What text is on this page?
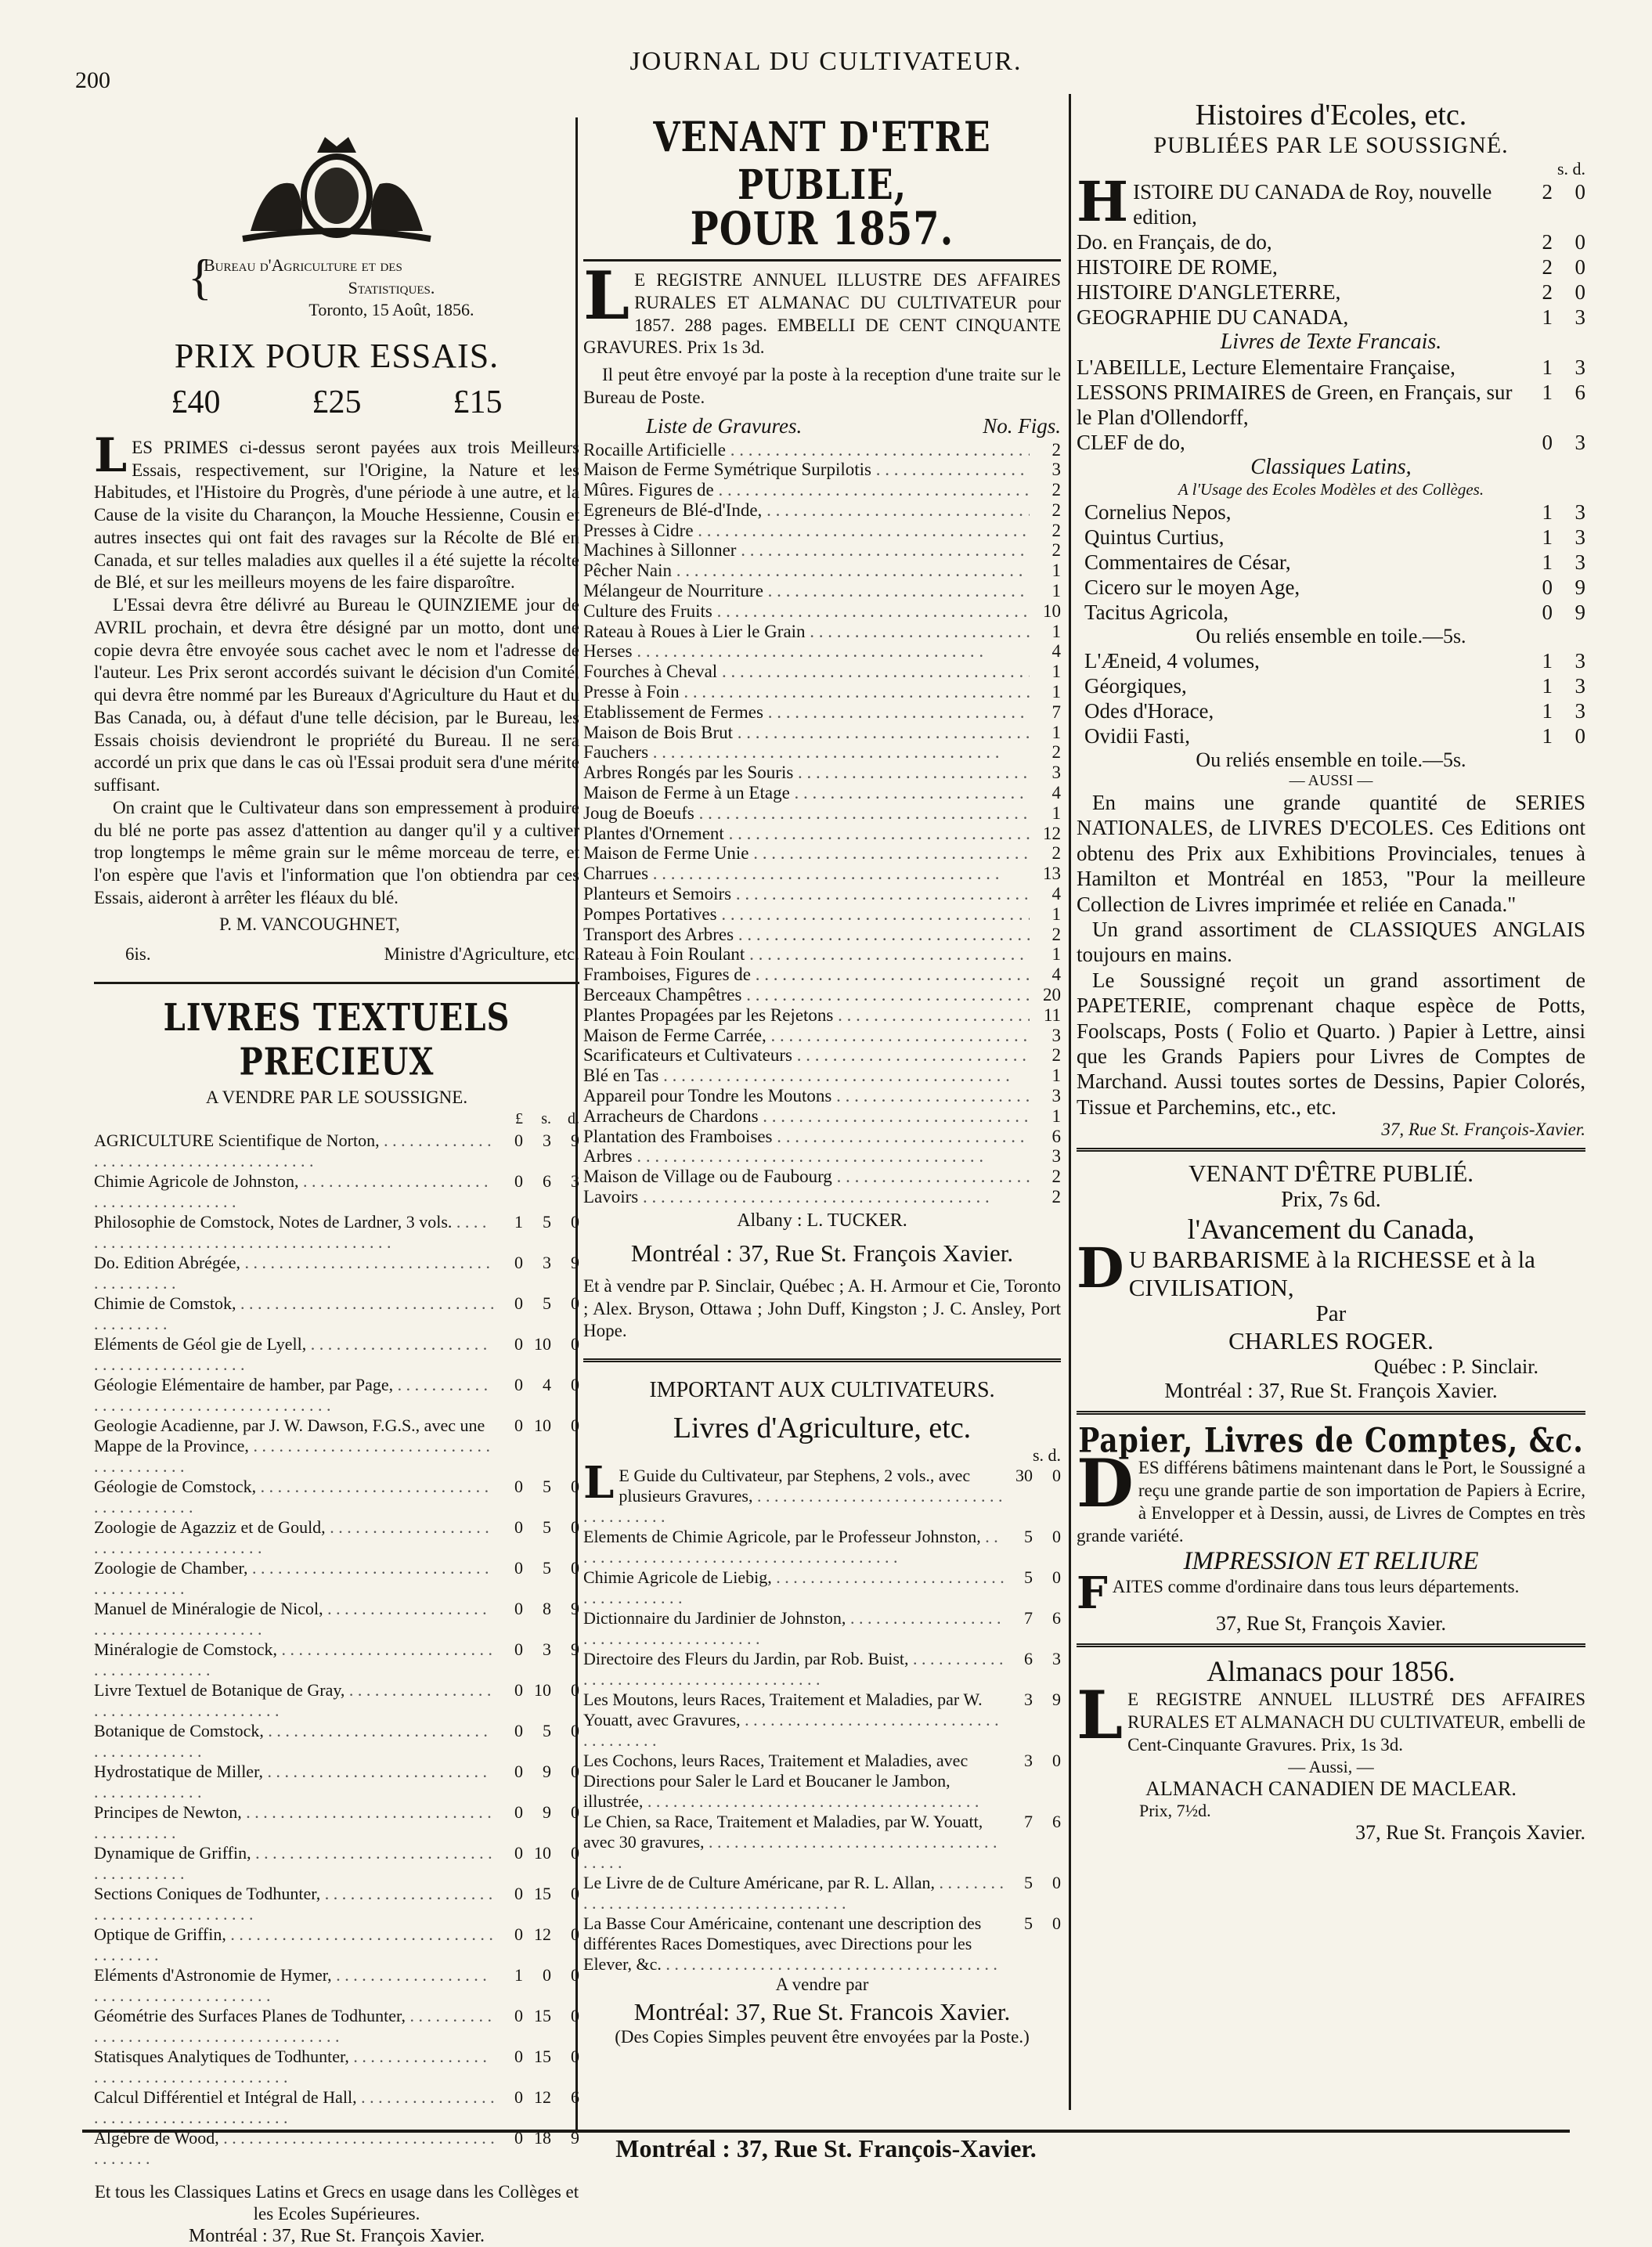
200
JOURNAL DU CULTIVATEUR.
{
Bureau d'Agriculture et des
Statistiques.
Toronto, 15 Août, 1856.
PRIX POUR ESSAIS.
£40	£25	£15
LES PRIMES ci-dessus seront payées aux trois Meilleurs Essais, respectivement, sur l'Origine, la Nature et les Habitudes, et l'Histoire du Progrès, d'une période à une autre, et la Cause de la visite du Charançon, la Mouche Hessienne, Cousin et autres insectes qui ont fait des ravages sur la Récolte de Blé en Canada, et sur telles maladies aux quelles il a été sujette la récolte de Blé, et sur les meilleurs moyens de les faire disparoître.
L'Essai devra être délivré au Bureau le QUINZIEME jour de AVRIL prochain, et devra être désigné par un motto, dont une copie devra être envoyée sous cachet avec le nom et l'adresse de l'auteur. Les Prix seront accordés suivant le décision d'un Comité, qui devra être nommé par les Bureaux d'Agriculture du Haut et du Bas Canada, ou, à défaut d'une telle décision, par le Bureau, les Essais choisis deviendront le propriété du Bureau. Il ne sera accordé un prix que dans le cas où l'Essai produit sera d'une mérite suffisant.
On craint que le Cultivateur dans son empressement à produire du blé ne porte pas assez d'attention au danger qu'il y a cultiver trop longtemps le même grain sur le même morceau de terre, et l'on espère que l'avis et l'information que l'on obtiendra par ces Essais, aideront à arrêter les fléaux du blé.
P. M. VANCOUGHNET,
6is.	Ministre d'Agriculture, etc.
LIVRES TEXTUELS PRECIEUX
A VENDRE PAR LE SOUSSIGNE.
£	s.	d.
AGRICULTURE Scientifique de Norton, . . .	0	3	9
Chimie Agricole de Johnston, . . .	0	6	3
Philosophie de Comstock, Notes de Lardner, 3 vols. . . .	1	5	0
Do. Edition Abrégée, . . .	0	3	9
Chimie de Comstok, . . .	0	5	0
Eléments de Géol gie de Lyell, . . .	0 10	0
Géologie Elémentaire de hamber, par Page, . . .	0	4	0
Geologie Acadienne, par J. W. Dawson, F.G.S., avec une Mappe de la Province, . . .
0 10	0
Géologie de Comstock, . . .	0	5	0
Zoologie de Agazziz et de Gould, . . .	0	5	0
Zoologie de Chamber, . . .	0	5	0
Manuel de Minéralogie de Nicol, . . .	0	8	9
Minéralogie de Comstock, . . .	0	3	9
Livre Textuel de Botanique de Gray, . . .	0 10	0
Botanique de Comstock, . . .	0	5	0
Hydrostatique de Miller, . . .	0	9	0
Principes de Newton, . . .	0	9	0
Dynamique de Griffin, . . .	0 10	0
Sections Coniques de Todhunter, . . .	0 15	0
Optique de Griffin, . . .	0 12	0
Eléments d'Astronomie de Hymer, . . .	1	0	0
Géométrie des Surfaces Planes de Todhunter, . . .	0 15	0
Statisques Analytiques de Todhunter, . . .	0 15	0
Calcul Différentiel et Intégral de Hall, . . .	0 12	6
Algèbre de Wood, . . .	0 18	9
Et tous les Classiques Latins et Grecs en usage dans les Collèges et les Ecoles Supérieures.
Montréal : 37, Rue St. François Xavier.
VENANT D'ETRE PUBLIE,
POUR 1857.
L E REGISTRE ANNUEL ILLUSTRE DES AFFAIRES RURALES ET ALMANAC DU CULTIVATEUR pour 1857. 288 pages. EMBELLI DE CENT CINQUANTE GRAVURES. Prix 1s 3d.
Il peut être envoyé par la poste à la reception d'une traite sur le Bureau de Poste.
Liste de Gravures.	No. Figs.
Rocaille Artificielle . . .	2
Maison de Ferme Symétrique Surpilotis . . .	3
Mûres. Figures de . . .	2
Egreneurs de Blé-d'Inde, . . .	2
Presses à Cidre . . .	2
Machines à Sillonner . . .	2
Pêcher Nain . . .	1
Mélangeur de Nourriture . . .	1
Culture des Fruits . . .	10
Rateau à Roues à Lier le Grain . . .	1
Herses . . .	4
Fourches à Cheval . . .	1
Presse à Foin . . .	1
Etablissement de Fermes . . .	7
Maison de Bois Brut . . .	1
Fauchers . . .	2
Arbres Rongés par les Souris . . .	3
Maison de Ferme à un Etage . . .	4
Joug de Boeufs . . .	1
Plantes d'Ornement . . .	12
Maison de Ferme Unie . . .	2
Charrues . . .	13
Planteurs et Semoirs . . .	4
Pompes Portatives . . .	1
Transport des Arbres . . .	2
Rateau à Foin Roulant . . .	1
Framboises, Figures de . . .	4
Berceaux Champêtres . . .	20
Plantes Propagées par les Rejetons . . .	11
Maison de Ferme Carrée, . . .	3
Scarificateurs et Cultivateurs . . .	2
Blé en Tas . . .	1
Appareil pour Tondre les Moutons . . .	3
Arracheurs de Chardons . . .	1
Plantation des Framboises . . .	6
Arbres . . .	3
Maison de Village ou de Faubourg . . .	2
Lavoirs . . .	2
Albany : L. TUCKER.
Montréal : 37, Rue St. François Xavier.
Et à vendre par P. Sinclair, Québec ; A. H. Armour et Cie, Toronto ; Alex. Bryson, Ottawa ; John Duff, Kingston ; J. C. Ansley, Port Hope.
IMPORTANT AUX CULTIVATEURS.
Livres d'Agriculture, etc.
s. d.
L E Guide du Cultivateur, par Stephens, 2 vols., avec plusieurs Gravures, . . .
30	0
Elements de Chimie Agricole, par le Professeur Johnston, . . .	5	0
Chimie Agricole de Liebig, . . .	5	0
Dictionnaire du Jardinier de Johnston, . . .	7	6
Directoire des Fleurs du Jardin, par Rob. Buist, . . .	6	3
Les Moutons, leurs Races, Traitement et Maladies, par W. Youatt, avec Gravures, . . .
3	9
Les Cochons, leurs Races, Traitement et Maladies, avec Directions pour Saler le Lard et Boucaner le Jambon, illustrée, . . .
3	0
Le Chien, sa Race, Traitement et Maladies, par W. Youatt, avec 30 gravures, . . .
7	6
Le Livre de de Culture Américane, par R. L. Allan, . . .	5	0
La Basse Cour Américaine, contenant une description des différentes Races Domestiques, avec Directions pour les Elever, &c. . . .
5	0
A vendre par
Montréal: 37, Rue St. Francois Xavier.
(Des Copies Simples peuvent être envoyées par la Poste.)
Histoires d'Ecoles, etc.
PUBLIÉES PAR LE SOUSSIGNÉ.
s. d.
H ISTOIRE DU CANADA de Roy, nouvelle edition,
2	0
Do. en Français, de do,	2	0
HISTOIRE DE ROME,	2	0
HISTOIRE D'ANGLETERRE,	2	0
GEOGRAPHIE DU CANADA,	1	3
Livres de Texte Francais.
L'ABEILLE, Lecture Elementaire Française,	1	3
LESSONS PRIMAIRES de Green, en Français, sur le Plan d'Ollendorff,
1	6
CLEF de do,	0	3
Classiques Latins,
A l'Usage des Ecoles Modèles et des Collèges.
Cornelius Nepos,	1	3
Quintus Curtius,	1	3
Commentaires de César,	1	3
Cicero sur le moyen Age,	0	9
Tacitus Agricola,	0	9
Ou reliés ensemble en toile.—5s.
L'Æneid, 4 volumes,	1	3
Géorgiques,	1	3
Odes d'Horace,	1	3
Ovidii Fasti,	1	0
Ou reliés ensemble en toile.—5s.
— AUSSI —
En mains une grande quantité de SERIES NATIONALES, de LIVRES D'ECOLES. Ces Editions ont obtenu des Prix aux Exhibitions Provinciales, tenues à Hamilton et Montréal en 1853, "Pour la meilleure Collection de Livres imprimée et reliée en Canada."
Un grand assortiment de CLASSIQUES ANGLAIS toujours en mains.
Le Soussigné reçoit un grand assortiment de PAPETERIE, comprenant chaque espèce de Potts, Foolscaps, Posts ( Folio et Quarto. ) Papier à Lettre, ainsi que les Grands Papiers pour Livres de Comptes de Marchand. Aussi toutes sortes de Dessins, Papier Colorés, Tissue et Parchemins, etc., etc.
37, Rue St. François-Xavier.
VENANT D'ÊTRE PUBLIÉ.
Prix, 7s 6d.
l'Avancement du Canada,
D U BARBARISME à la RICHESSE et à la CIVILISATION,
Par
CHARLES ROGER.
Québec : P. Sinclair.
Montréal : 37, Rue St. François Xavier.
Papier, Livres de Comptes, &c.
DES différens bâtimens maintenant dans le Port, le Soussigné a reçu une grande partie de son importation de Papiers à Ecrire, à Envelopper et à Dessin, aussi, de Livres de Comptes en très grande variété.
IMPRESSION ET RELIURE
FAITES comme d'ordinaire dans tous leurs départements.
37, Rue St, François Xavier.
Almanacs pour 1856.
L E REGISTRE ANNUEL ILLUSTRÉ DES AFFAIRES RURALES ET ALMANACH DU CULTIVATEUR, embelli de Cent-Cinquante Gravures. Prix, 1s 3d.
— Aussi, —
ALMANACH CANADIEN DE MACLEAR.
Prix, 7½d.
37, Rue St. François Xavier.
Montréal : 37, Rue St. François-Xavier.
